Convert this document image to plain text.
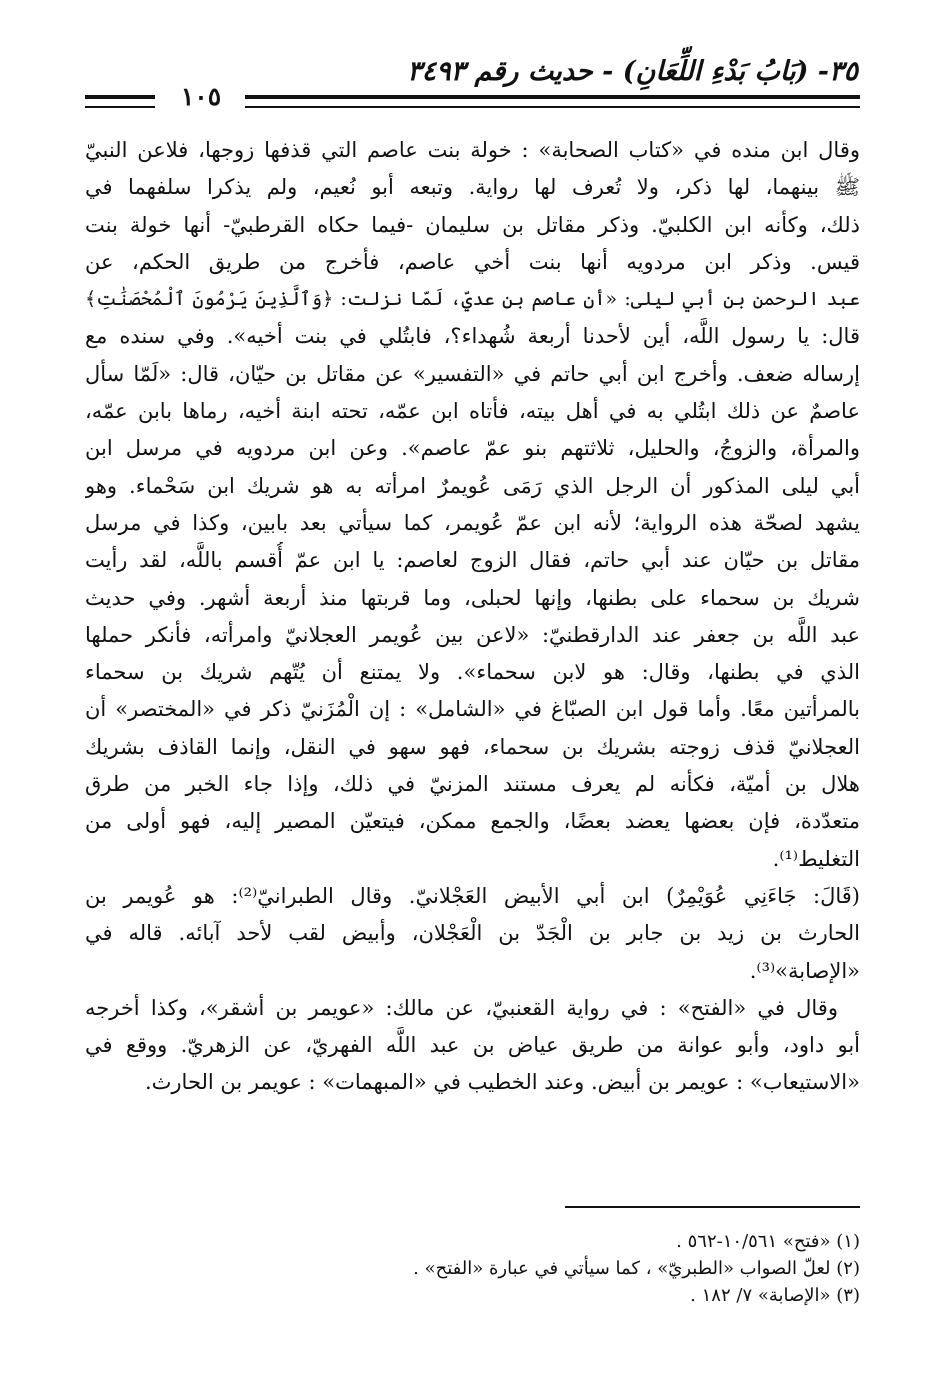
٣٥- (بَابُ بَدْءِ اللِّعَانِ) - حديث رقم ٣٤٩٣
١٠٥
وقال ابن منده في «كتاب الصحابة» : خولة بنت عاصم التي قذفها زوجها، فلاعن النبيّ
ﷺ بينهما، لها ذكر، ولا تُعرف لها رواية. وتبعه أبو نُعيم، ولم يذكرا سلفهما في
ذلك، وكأنه ابن الكلبيّ. وذكر مقاتل بن سليمان -فيما حكاه القرطبيّ- أنها خولة بنت
قيس. وذكر ابن مردويه أنها بنت أخي عاصم، فأخرج من طريق الحكم، عن
عبد الرحمن بن أبي ليلى: «أن عاصم بن عديّ، لَمّا نزلت: ﴿وَٱلَّذِينَ يَرْمُونَ ٱلْمُحْصَنَٰتِ﴾
قال: يا رسول اللَّه، أين لأحدنا أربعة شُهداء؟، فابتُلي في بنت أخيه». وفي سنده مع
إرساله ضعف. وأخرج ابن أبي حاتم في «التفسير» عن مقاتل بن حيّان، قال: «لَمّا سأل
عاصمٌ عن ذلك ابتُلي به في أهل بيته، فأتاه ابن عمّه، تحته ابنة أخيه، رماها بابن عمّه،
والمرأة، والزوجُ، والحليل، ثلاثتهم بنو عمّ عاصم». وعن ابن مردويه في مرسل ابن
أبي ليلى المذكور أن الرجل الذي رَمَى عُويمرٌ امرأته به هو شريك ابن سَحْماء. وهو
يشهد لصحّة هذه الرواية؛ لأنه ابن عمّ عُويمر، كما سيأتي بعد بابين، وكذا في مرسل
مقاتل بن حيّان عند أبي حاتم، فقال الزوج لعاصم: يا ابن عمّ أُقسم باللَّه، لقد رأيت
شريك بن سحماء على بطنها، وإنها لحبلى، وما قربتها منذ أربعة أشهر. وفي حديث
عبد اللَّه بن جعفر عند الدارقطنيّ: «لاعن بين عُويمر العجلانيّ وامرأته، فأنكر حملها
الذي في بطنها، وقال: هو لابن سحماء». ولا يمتنع أن يُتّهم شريك بن سحماء
بالمرأتين معًا. وأما قول ابن الصبّاغ في «الشامل» : إن الْمُزَنيّ ذكر في «المختصر» أن
العجلانيّ قذف زوجته بشريك بن سحماء، فهو سهو في النقل، وإنما القاذف بشريك
هلال بن أميّة، فكأنه لم يعرف مستند المزنيّ في ذلك، وإذا جاء الخبر من طرق
متعدّدة، فإن بعضها يعضد بعضًا، والجمع ممكن، فيتعيّن المصير إليه، فهو أولى من
التغليط⁽¹⁾.
(قَالَ: جَاءَنِي عُوَيْمِرٌ) ابن أبي الأبيض العَجْلانيّ. وقال الطبرانيّ⁽²⁾: هو عُويمر بن
الحارث بن زيد بن جابر بن الْجَدّ بن الْعَجْلان، وأبيض لقب لأحد آبائه. قاله في
«الإصابة»⁽³⁾.
وقال في «الفتح» : في رواية القعنبيّ، عن مالك: «عويمر بن أشقر»، وكذا أخرجه
أبو داود، وأبو عوانة من طريق عياض بن عبد اللَّه الفهريّ، عن الزهريّ. ووقع في
«الاستيعاب» : عويمر بن أبيض. وعند الخطيب في «المبهمات» : عويمر بن الحارث.
(١) «فتح» ١٠/٥٦١-٥٦٢ .
(٢) لعلّ الصواب «الطبريّ» ، كما سيأتي في عبارة «الفتح» .
(٣) «الإصابة» ٧/ ١٨٢ .
